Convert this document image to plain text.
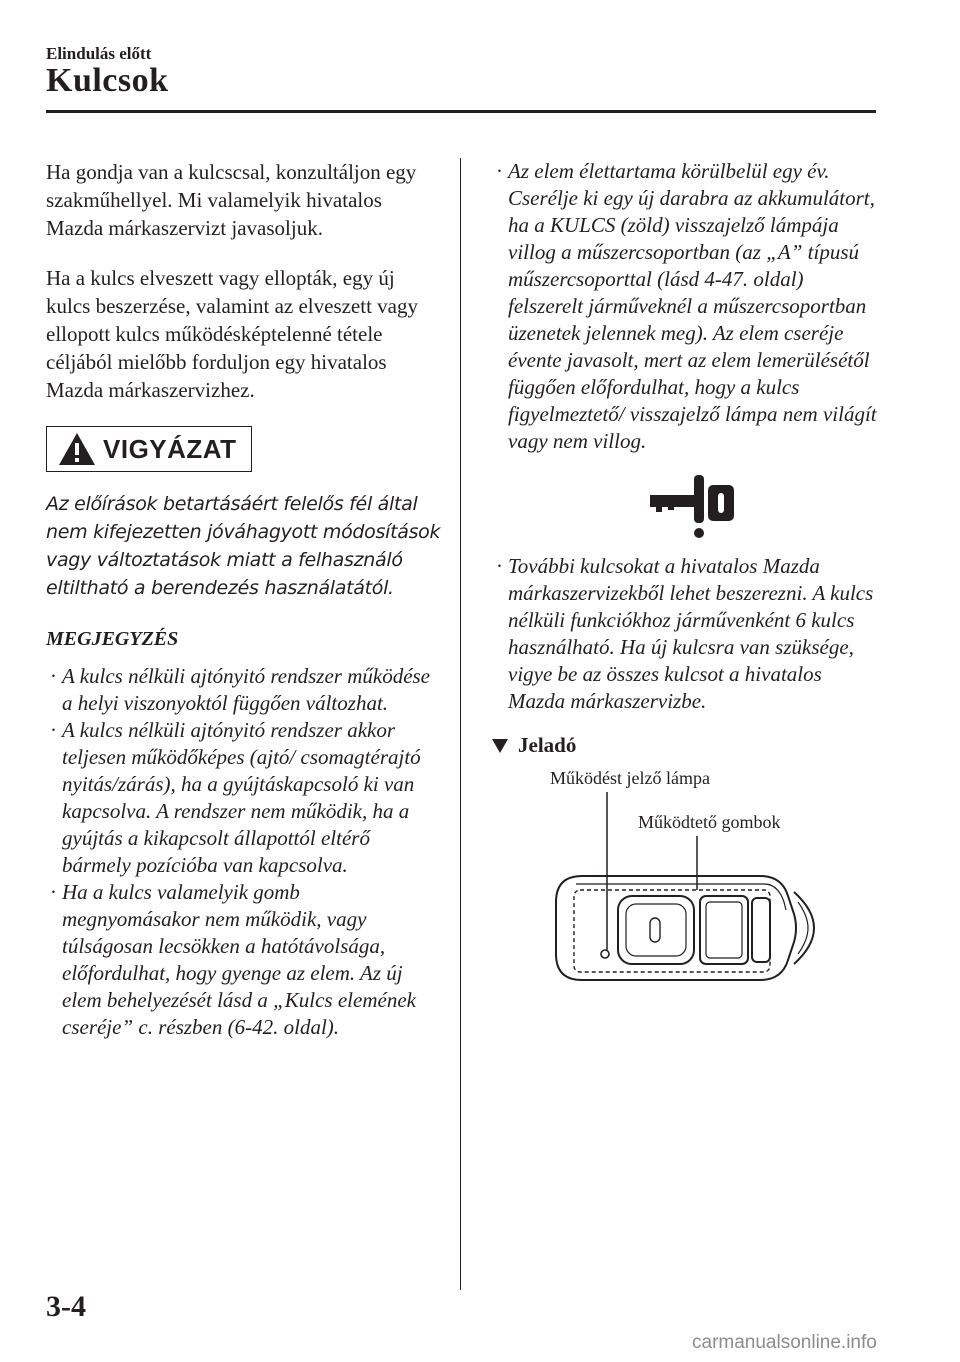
Elindulás előtt
Kulcsok

Ha gondja van a kulcscsal, konzultáljon egy szakműhellyel. Mi valamelyik hivatalos Mazda márkaszervizt javasoljuk.

Ha a kulcs elveszett vagy ellopták, egy új kulcs beszerzése, valamint az elveszett vagy ellopott kulcs működésképtelenné tétele céljából mielőbb forduljon egy hivatalos Mazda márkaszervizhez.

VIGYÁZAT

Az előírások betartásáért felelős fél által nem kifejezetten jóváhagyott módosítások vagy változtatások miatt a felhasználó eltiltható a berendezés használatától.

MEGJEGYZÉS

· A kulcs nélküli ajtónyitó rendszer működése a helyi viszonyoktól függően változhat.

· A kulcs nélküli ajtónyitó rendszer akkor teljesen működőképes (ajtó/ csomagtérajtó nyitás/zárás), ha a gyújtáskapcsoló ki van kapcsolva. A rendszer nem működik, ha a gyújtás a kikapcsolt állapottól eltérő bármely pozícióba van kapcsolva.

· Ha a kulcs valamelyik gomb megnyomásakor nem működik, vagy túlságosan lecsökken a hatótávolsága, előfordulhat, hogy gyenge az elem. Az új elem behelyezését lásd a „Kulcs elemének cseréje” c. részben (6-42. oldal).

· Az elem élettartama körülbelül egy év. Cserélje ki egy új darabra az akkumulátort, ha a KULCS (zöld) visszajelző lámpája villog a műszercsoportban (az „A” típusú műszercsoporttal (lásd 4-47. oldal) felszerelt járműveknél a műszercsoportban üzenetek jelennek meg). Az elem cseréje évente javasolt, mert az elem lemerülésétől függően előfordulhat, hogy a kulcs figyelmeztető/ visszajelző lámpa nem világít vagy nem villog.

· További kulcsokat a hivatalos Mazda márkaszervizekből lehet beszerezni. A kulcs nélküli funkciókhoz járművenként 6 kulcs használható. Ha új kulcsra van szüksége, vigye be az összes kulcsot a hivatalos Mazda márkaszervizbe.

Jeladó
Működést jelző lámpa
Működtető gombok
3-4
carmanualsonline.info
